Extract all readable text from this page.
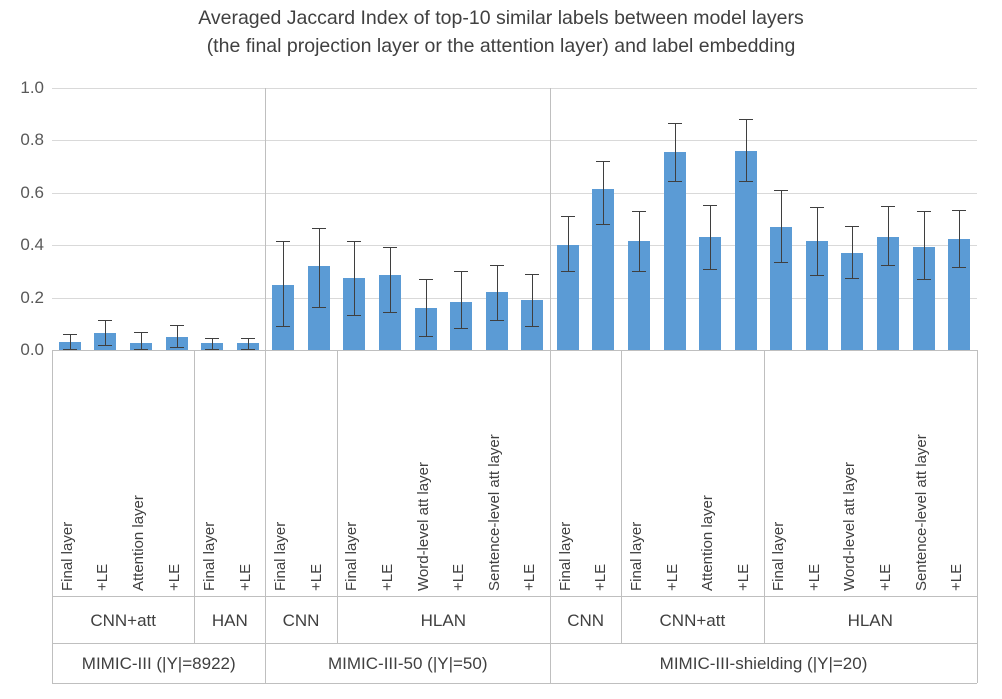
Averaged Jaccard Index of top-10 similar labels between model layers
(the final projection layer or the attention layer) and label embedding
0.0
0.2
0.4
0.6
0.8
1.0
Final layer +LE Attention layer +LE Final layer +LE Final layer +LE Final layer +LE Word-level att layer +LE Sentence-level att layer +LE Final layer +LE Final layer +LE Attention layer +LE Final layer +LE Word-level att layer +LE Sentence-level att layer +LE
CNN+att	HAN	CNN	HLAN	CNN	CNN+att	HLAN
MIMIC-III (|Y|=8922)	MIMIC-III-50 (|Y|=50)	MIMIC-III-shielding (|Y|=20)
